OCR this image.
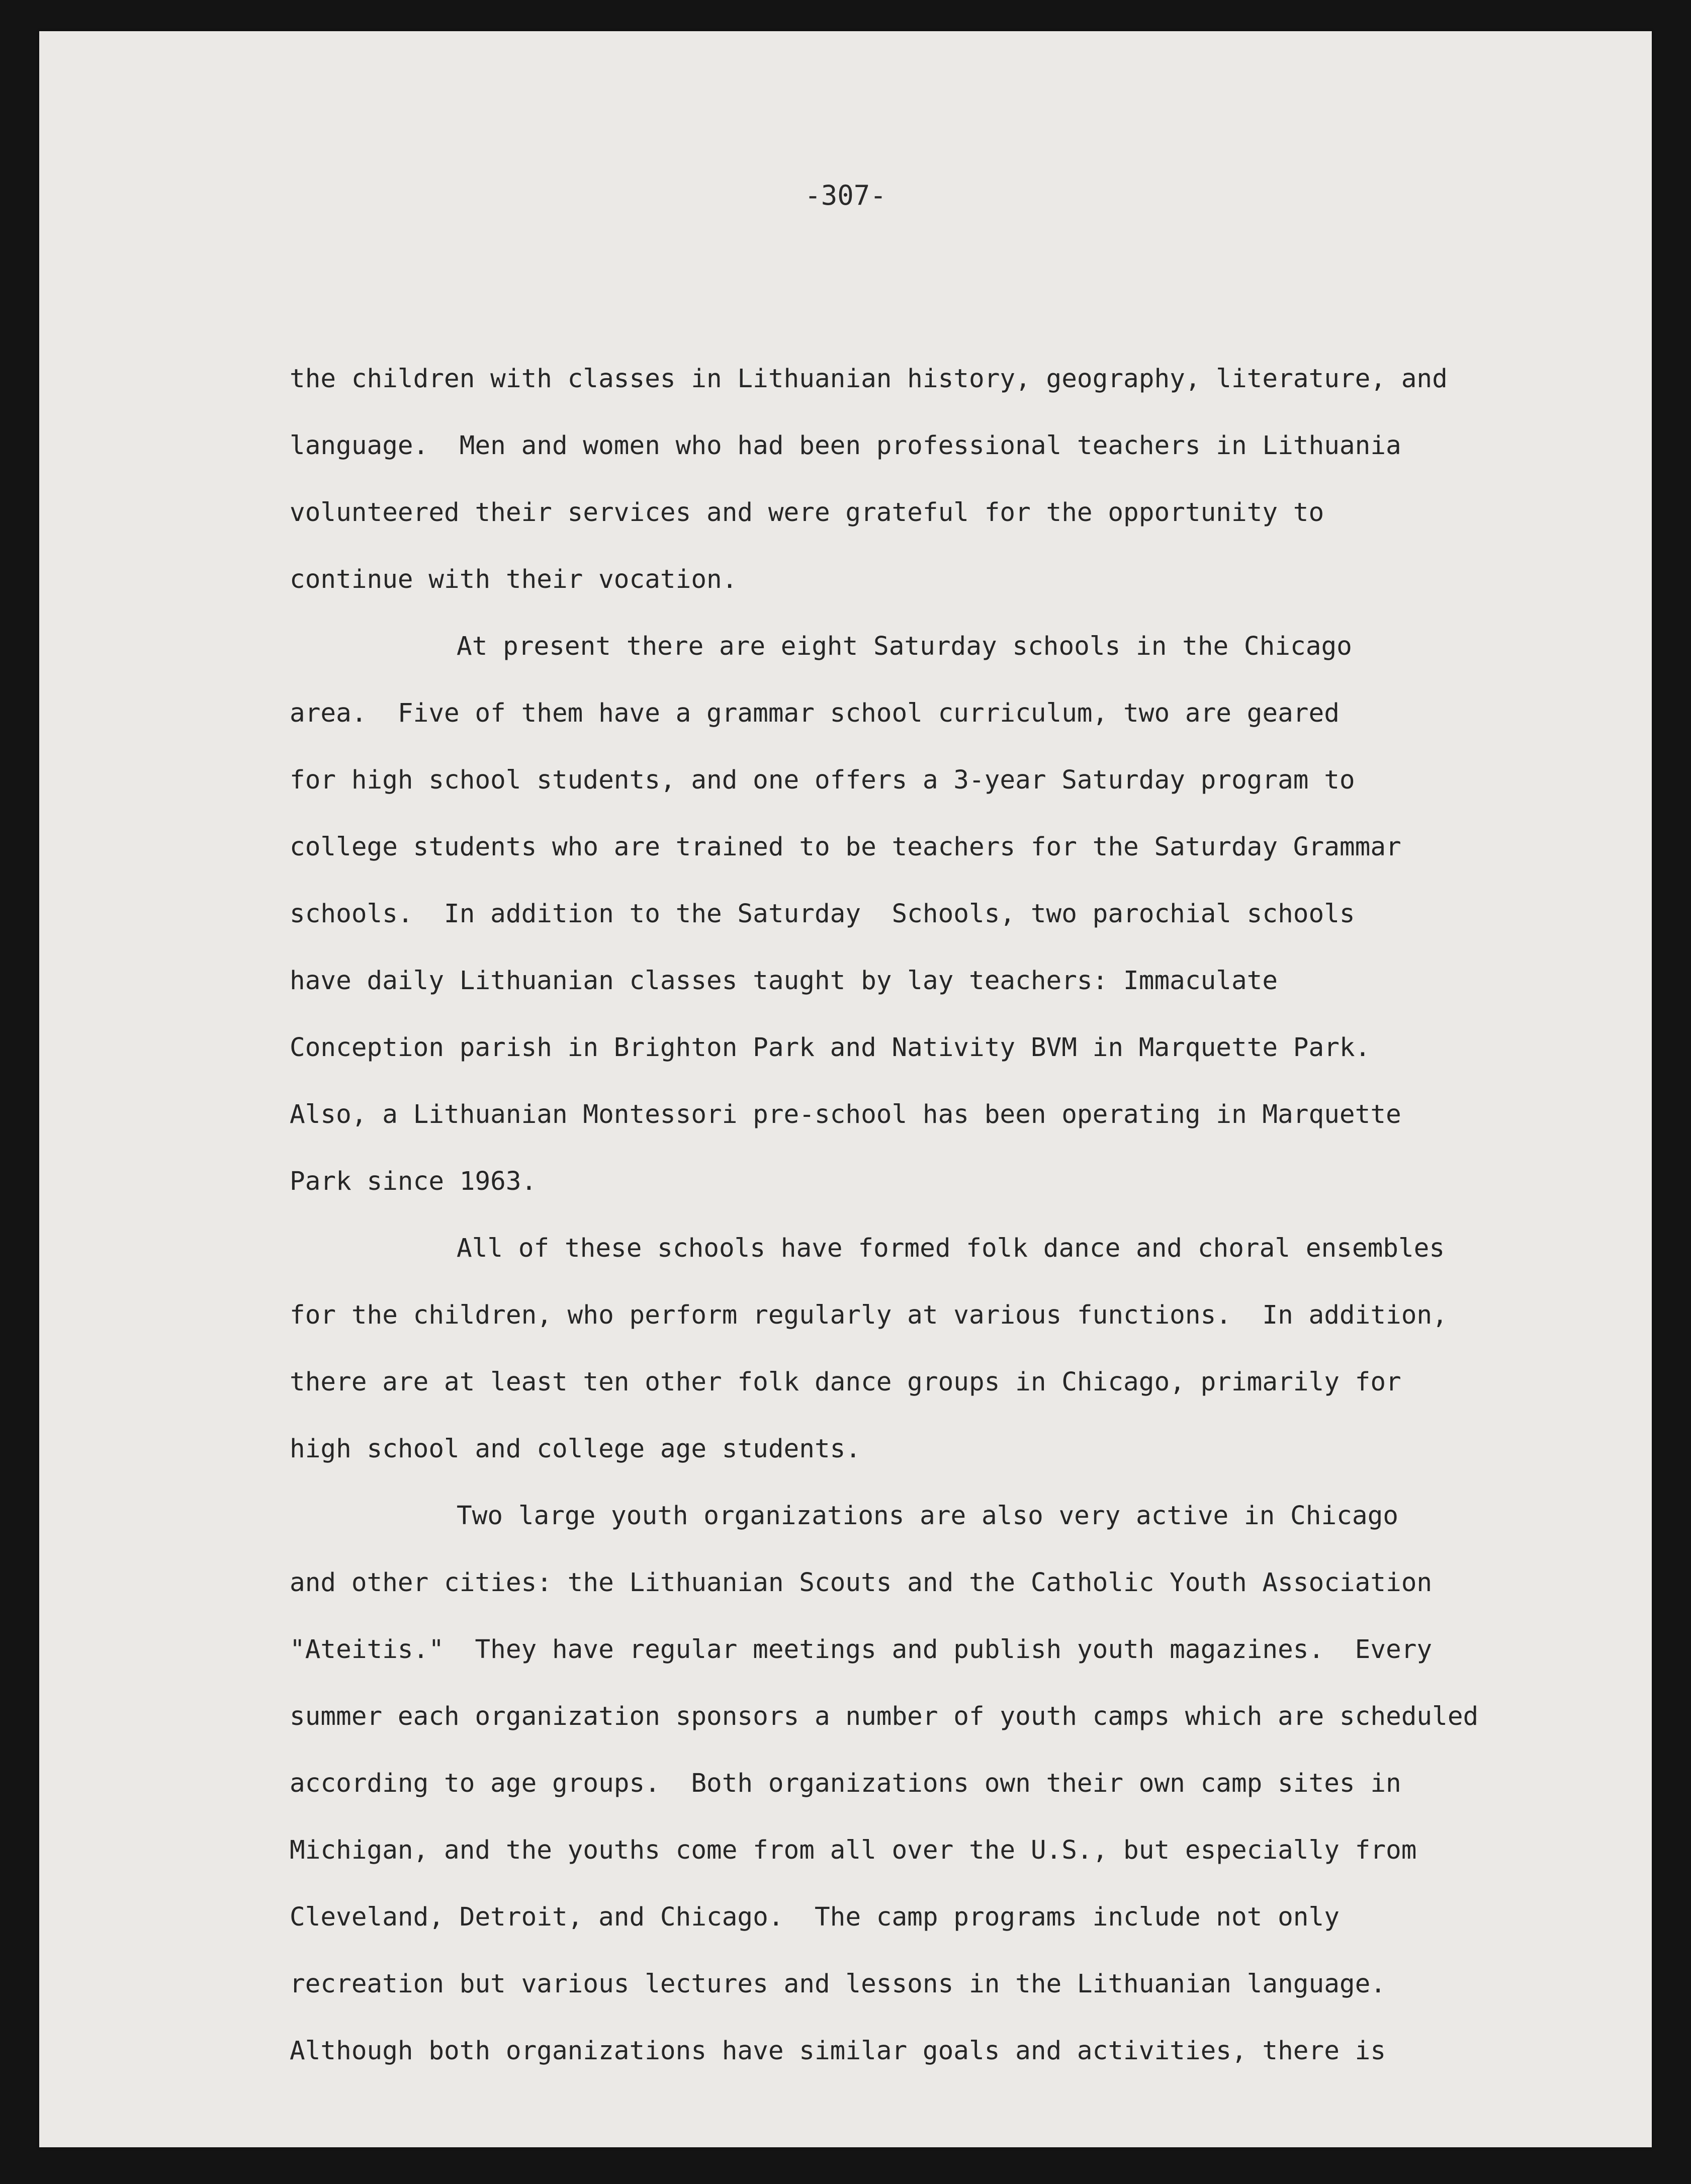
-307-
the children with classes in Lithuanian history, geography, literature, and
language.  Men and women who had been professional teachers in Lithuania
volunteered their services and were grateful for the opportunity to
continue with their vocation.
At present there are eight Saturday schools in the Chicago
area.  Five of them have a grammar school curriculum, two are geared
for high school students, and one offers a 3-year Saturday program to
college students who are trained to be teachers for the Saturday Grammar
schools.  In addition to the Saturday  Schools, two parochial schools
have daily Lithuanian classes taught by lay teachers: Immaculate
Conception parish in Brighton Park and Nativity BVM in Marquette Park.
Also, a Lithuanian Montessori pre-school has been operating in Marquette
Park since 1963.
All of these schools have formed folk dance and choral ensembles
for the children, who perform regularly at various functions.  In addition,
there are at least ten other folk dance groups in Chicago, primarily for
high school and college age students.
Two large youth organizations are also very active in Chicago
and other cities: the Lithuanian Scouts and the Catholic Youth Association
"Ateitis."  They have regular meetings and publish youth magazines.  Every
summer each organization sponsors a number of youth camps which are scheduled
according to age groups.  Both organizations own their own camp sites in
Michigan, and the youths come from all over the U.S., but especially from
Cleveland, Detroit, and Chicago.  The camp programs include not only
recreation but various lectures and lessons in the Lithuanian language.
Although both organizations have similar goals and activities, there is
